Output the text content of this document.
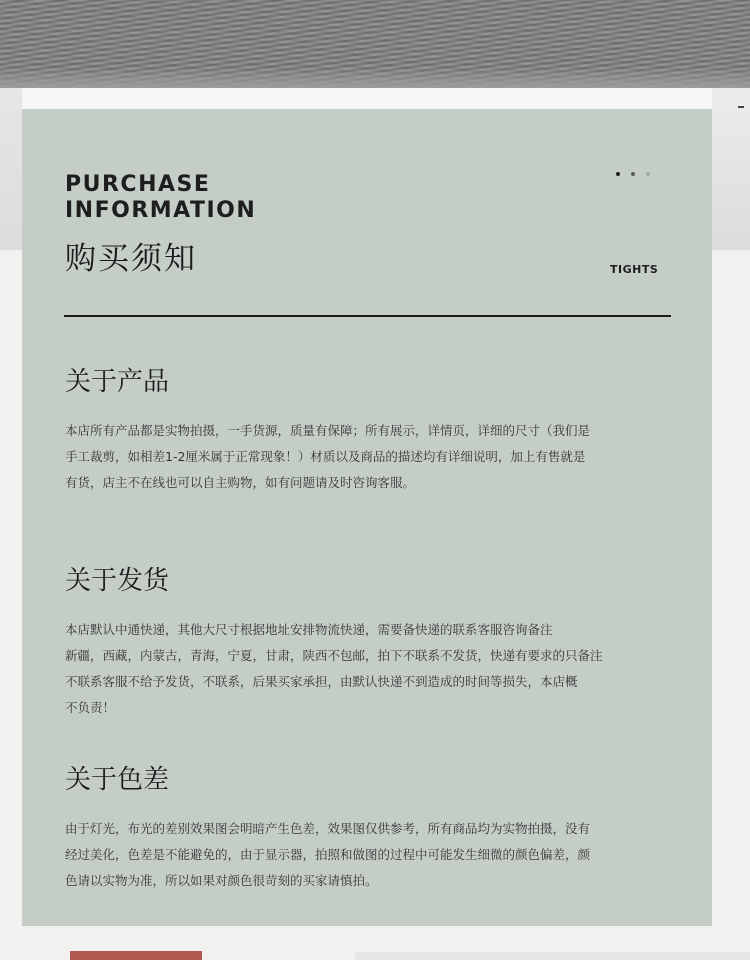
PURCHASE
INFORMATION
购买须知	TIGHTS
关于产品

本店所有产品都是实物拍摄，一手货源，质量有保障；所有展示，详情页，详细的尺寸（我们是
手工裁剪，如相差1-2厘米属于正常现象！）材质以及商品的描述均有详细说明，加上有售就是
有货，店主不在线也可以自主购物，如有问题请及时咨询客服。

关于发货

本店默认中通快递，其他大尺寸根据地址安排物流快递，需要备快递的联系客服咨询备注
新疆，西藏，内蒙古，青海，宁夏，甘肃，陕西不包邮，拍下不联系不发货，快递有要求的只备注
不联系客服不给予发货，不联系，后果买家承担，由默认快递不到造成的时间等损失，本店概
不负责！

关于色差

由于灯光，布光的差别效果图会明暗产生色差，效果图仅供参考，所有商品均为实物拍摄，没有
经过美化，色差是不能避免的，由于显示器，拍照和做图的过程中可能发生细微的颜色偏差，颜
色请以实物为准，所以如果对颜色很苛刻的买家请慎拍。
